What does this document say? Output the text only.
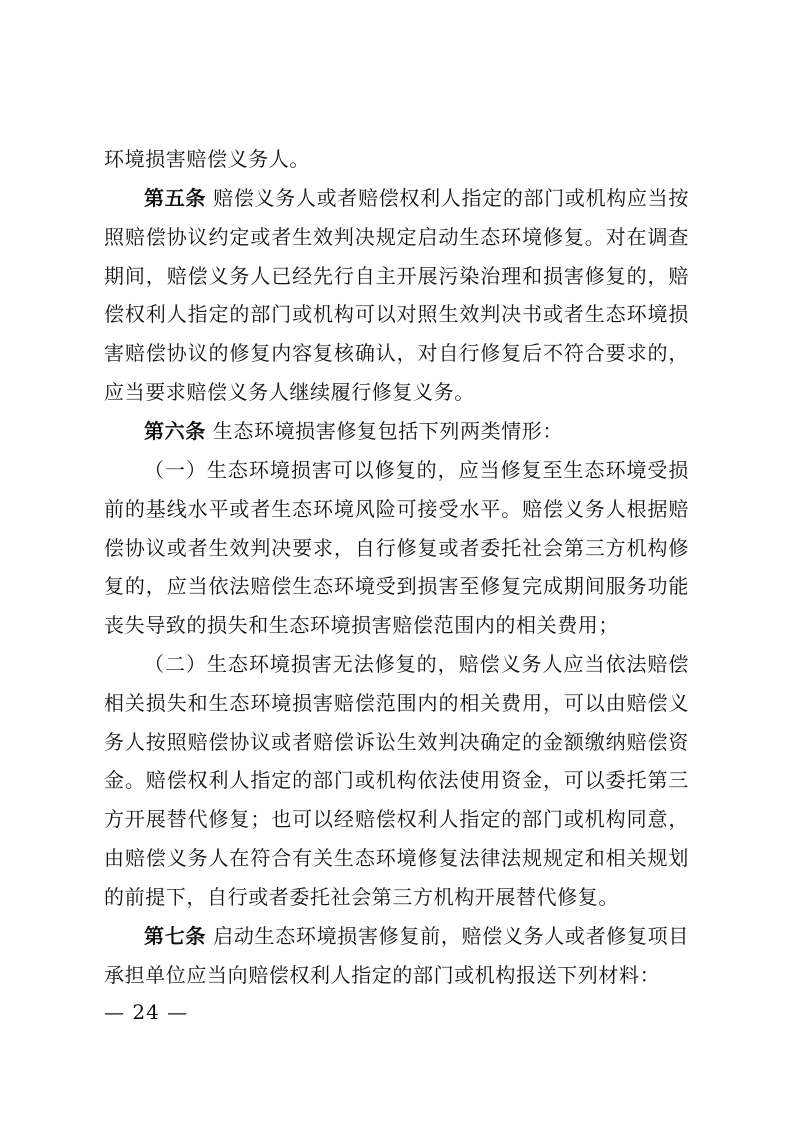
环境损害赔偿义务人。

第五条 赔偿义务人或者赔偿权利人指定的部门或机构应当按照赔偿协议约定或者生效判决规定启动生态环境修复。对在调查期间，赔偿义务人已经先行自主开展污染治理和损害修复的，赔偿权利人指定的部门或机构可以对照生效判决书或者生态环境损害赔偿协议的修复内容复核确认，对自行修复后不符合要求的，应当要求赔偿义务人继续履行修复义务。

第六条 生态环境损害修复包括下列两类情形：

（一）生态环境损害可以修复的，应当修复至生态环境受损前的基线水平或者生态环境风险可接受水平。赔偿义务人根据赔偿协议或者生效判决要求，自行修复或者委托社会第三方机构修复的，应当依法赔偿生态环境受到损害至修复完成期间服务功能丧失导致的损失和生态环境损害赔偿范围内的相关费用；

（二）生态环境损害无法修复的，赔偿义务人应当依法赔偿相关损失和生态环境损害赔偿范围内的相关费用，可以由赔偿义务人按照赔偿协议或者赔偿诉讼生效判决确定的金额缴纳赔偿资金。赔偿权利人指定的部门或机构依法使用资金，可以委托第三方开展替代修复；也可以经赔偿权利人指定的部门或机构同意，由赔偿义务人在符合有关生态环境修复法律法规规定和相关规划的前提下，自行或者委托社会第三方机构开展替代修复。

第七条 启动生态环境损害修复前，赔偿义务人或者修复项目承担单位应当向赔偿权利人指定的部门或机构报送下列材料：

— 24 —
